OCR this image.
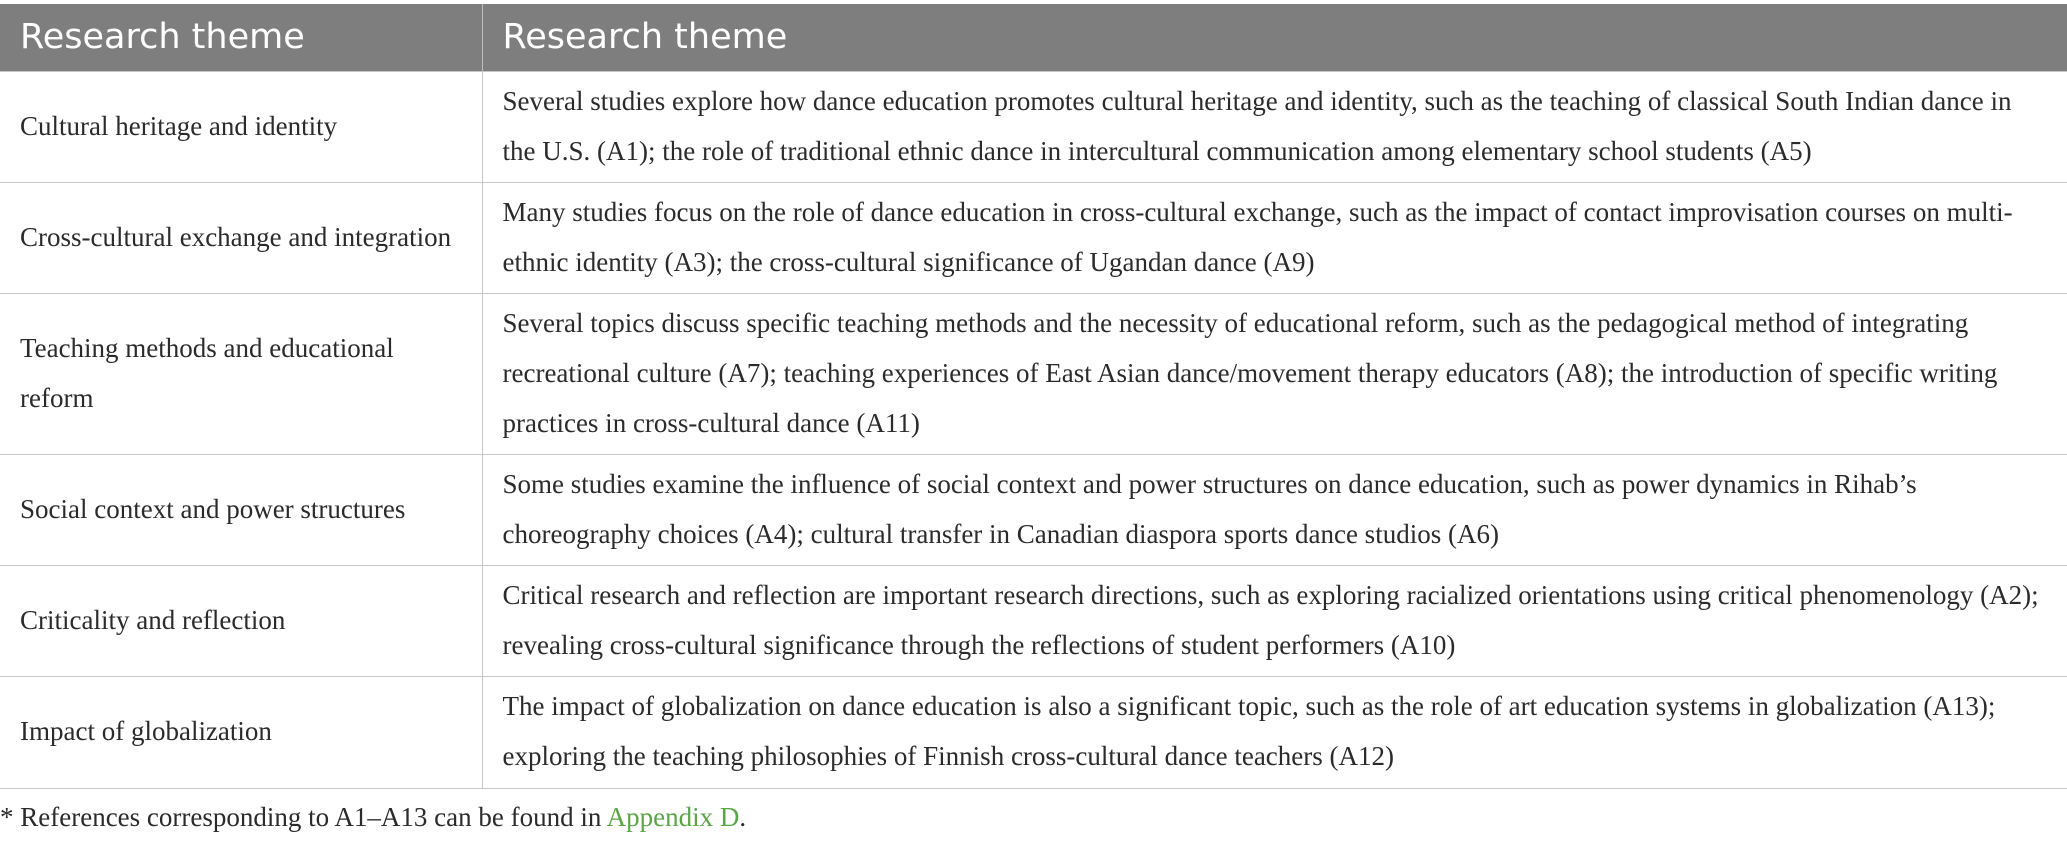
Research theme	Research theme
Cultural heritage and identity	Several studies explore how dance education promotes cultural heritage and identity, such as the teaching of classical South Indian dance in the U.S. (A1); the role of traditional ethnic dance in intercultural communication among elementary school students (A5)
Cross-cultural exchange and integration	Many studies focus on the role of dance education in cross-cultural exchange, such as the impact of contact improvisation courses on multi-ethnic identity (A3); the cross-cultural significance of Ugandan dance (A9)
Teaching methods and educational reform	Several topics discuss specific teaching methods and the necessity of educational reform, such as the pedagogical method of integrating recreational culture (A7); teaching experiences of East Asian dance/movement therapy educators (A8); the introduction of specific writing practices in cross-cultural dance (A11)
Social context and power structures	Some studies examine the influence of social context and power structures on dance education, such as power dynamics in Rihab’s choreography choices (A4); cultural transfer in Canadian diaspora sports dance studios (A6)
Criticality and reflection	Critical research and reflection are important research directions, such as exploring racialized orientations using critical phenomenology (A2); revealing cross-cultural significance through the reflections of student performers (A10)
Impact of globalization	The impact of globalization on dance education is also a significant topic, such as the role of art education systems in globalization (A13); exploring the teaching philosophies of Finnish cross-cultural dance teachers (A12)
* References corresponding to A1–A13 can be found in Appendix D.
